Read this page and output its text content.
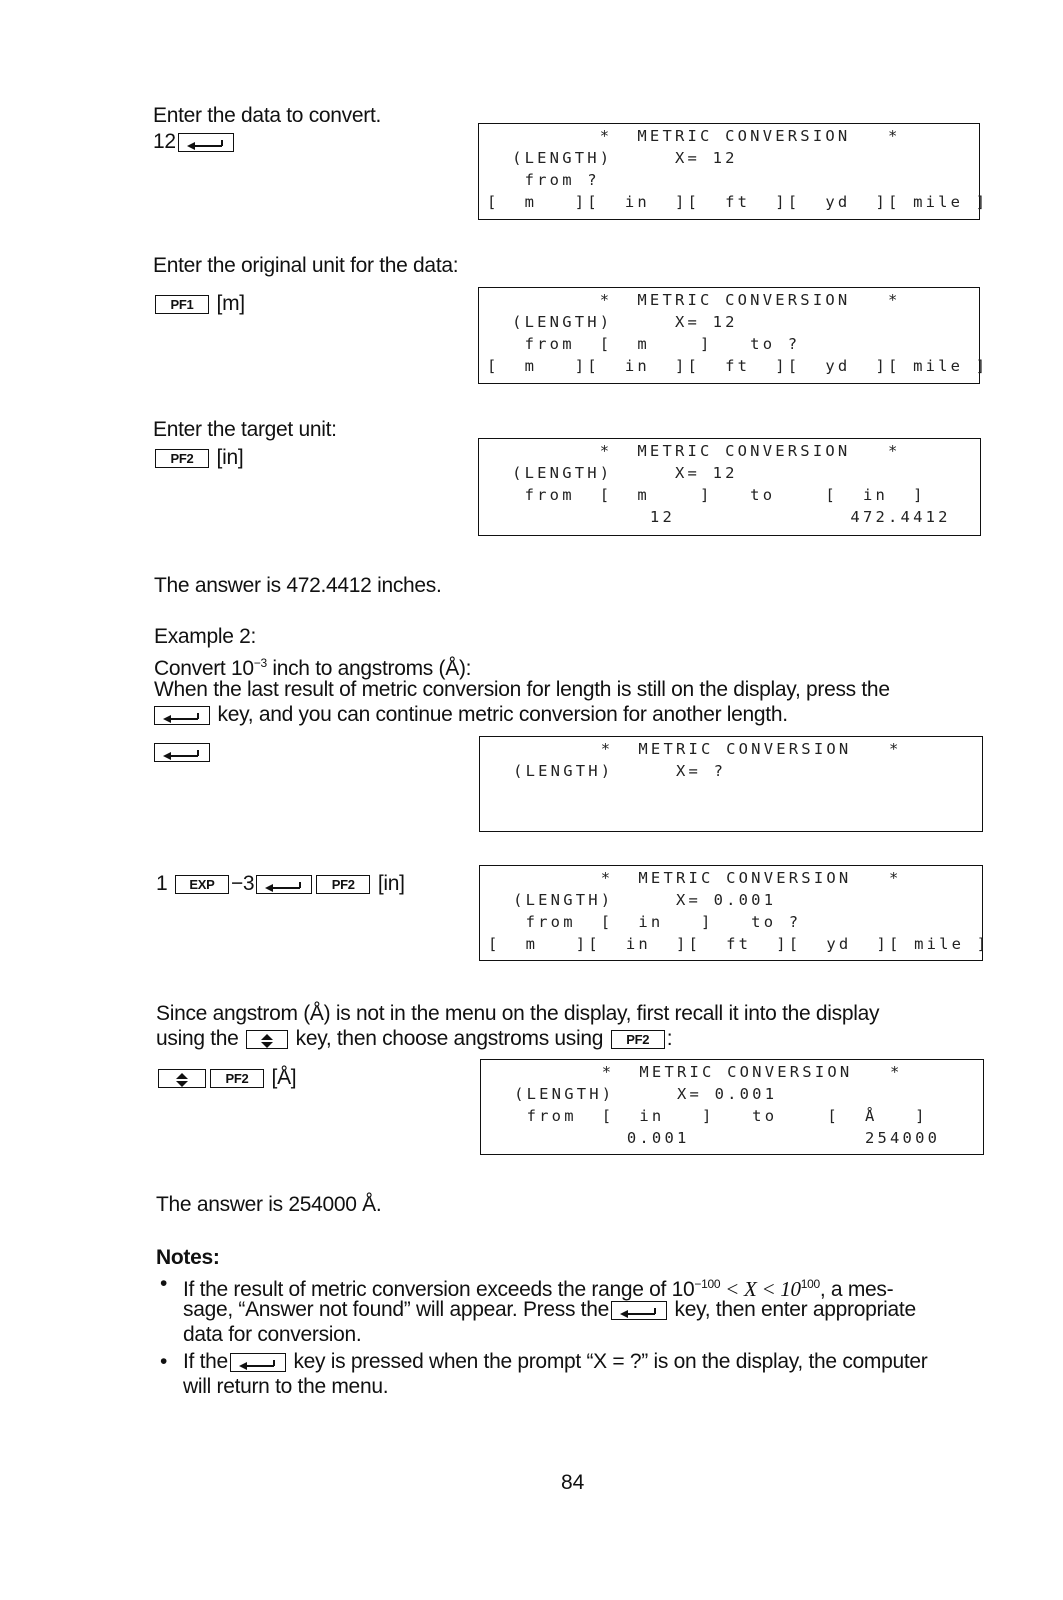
Enter the data to convert.
12	*  METRIC CONVERSION   *
(LENGTH)     X= 12
from ?
[  m   ][  in  ][  ft  ][  yd  ][ mile ]
Enter the original unit for the data:
PF1 [m]	*  METRIC CONVERSION   *
(LENGTH)     X= 12
from  [  m    ]   to ?
[  m   ][  in  ][  ft  ][  yd  ][ mile ]
Enter the target unit:
PF2 [in]	*  METRIC CONVERSION   *
(LENGTH)     X= 12
from  [  m    ]   to    [  in  ]
12              472.4412
The answer is 472.4412 inches.
Example 2:
Convert $10^{-3}$ inch to angstroms (Å):
When the last result of metric conversion for length is still on the display, press the
key, and you can continue metric conversion for another length.
*  METRIC CONVERSION   *
(LENGTH)     X= ?
1 EXP −3	PF2 [in]	*  METRIC CONVERSION   *
(LENGTH)     X= 0.001
from  [  in   ]   to ?
[  m   ][  in  ][  ft  ][  yd  ][ mile ]
Since angstrom (Å) is not in the menu on the display, first recall it into the display
using the  key, then choose angstroms using PF2 :
PF2 [Å]	*  METRIC CONVERSION   *
(LENGTH)     X= 0.001
from  [  in   ]   to    [  Å   ]
0.001              254000
The answer is 254000 Å.
Notes:
• If the result of metric conversion exceeds the range of $10^{-100} < X < 10^{100}$, a mes-
sage, “Answer not found” will appear. Press the	key, then enter appropriate
data for conversion.
• If the	key is pressed when the prompt “X = ?” is on the display, the computer
will return to the menu.
84
